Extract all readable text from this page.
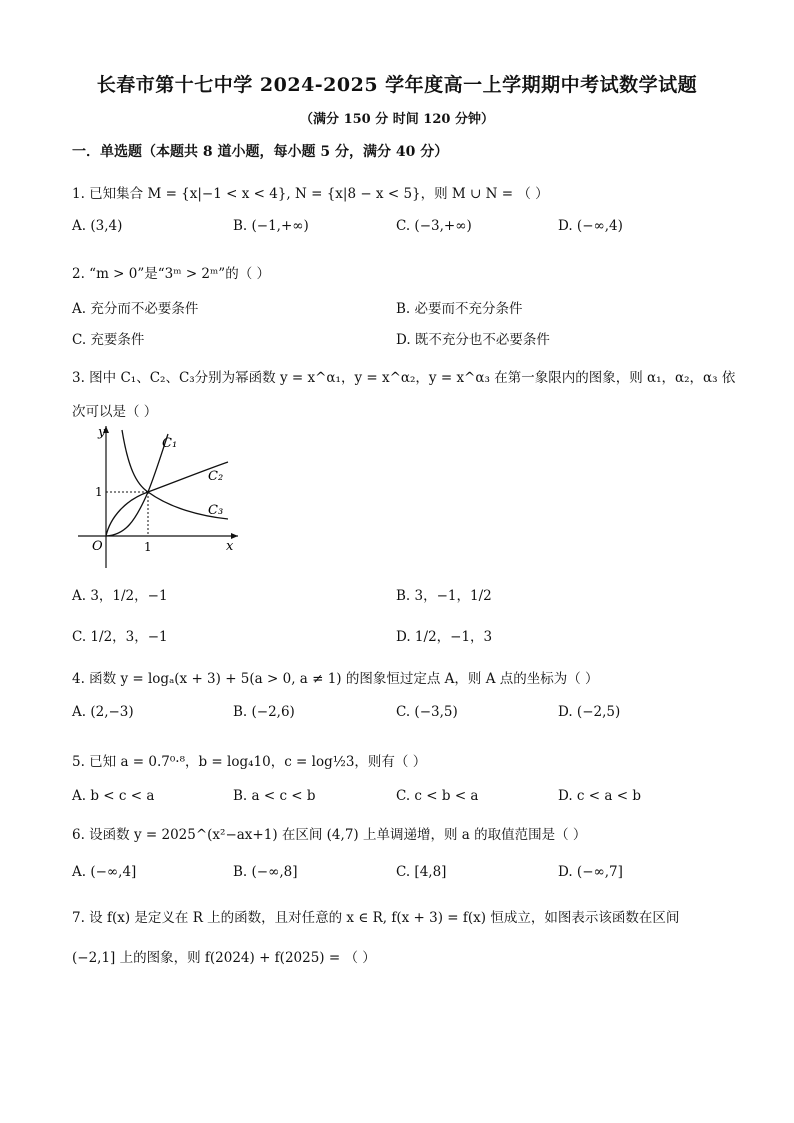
长春市第十七中学 2024-2025 学年度高一上学期期中考试数学试题
（满分 150 分 时间 120 分钟）
一．单选题（本题共 8 道小题，每小题 5 分，满分 40 分）
1. 已知集合 M = {x|−1 < x < 4}, N = {x|8 − x < 5}，则 M ∪ N = （ ）
A. (3,4)	B. (−1,+∞)	C. (−3,+∞)	D. (−∞,4)
2. “m > 0”是“3ᵐ > 2ᵐ”的（ ）
A. 充分而不必要条件	B. 必要而不充分条件
C. 充要条件	D. 既不充分也不必要条件
3. 图中 C₁、C₂、C₃分别为幂函数 y = x^α₁，y = x^α₂，y = x^α₃ 在第一象限内的图象，则 α₁，α₂，α₃ 依
次可以是（ ）
y
x
O	1
1
C₁
C₂
C₃
A. 3，1/2，−1	B. 3，−1，1/2
C. 1/2，3，−1	D. 1/2，−1，3
4. 函数 y = logₐ(x + 3) + 5(a > 0, a ≠ 1) 的图象恒过定点 A，则 A 点的坐标为（ ）
A. (2,−3)	B. (−2,6)	C. (−3,5)	D. (−2,5)
5. 已知 a = 0.7⁰·⁸，b = log₄10，c = log½3，则有（ ）
A. b < c < a	B. a < c < b	C. c < b < a	D. c < a < b
6. 设函数 y = 2025^(x²−ax+1) 在区间 (4,7) 上单调递增，则 a 的取值范围是（ ）
A. (−∞,4]	B. (−∞,8]	C. [4,8]	D. (−∞,7]
7. 设 f(x) 是定义在 R 上的函数，且对任意的 x ∈ R, f(x + 3) = f(x) 恒成立，如图表示该函数在区间
(−2,1] 上的图象，则 f(2024) + f(2025) = （ ）
